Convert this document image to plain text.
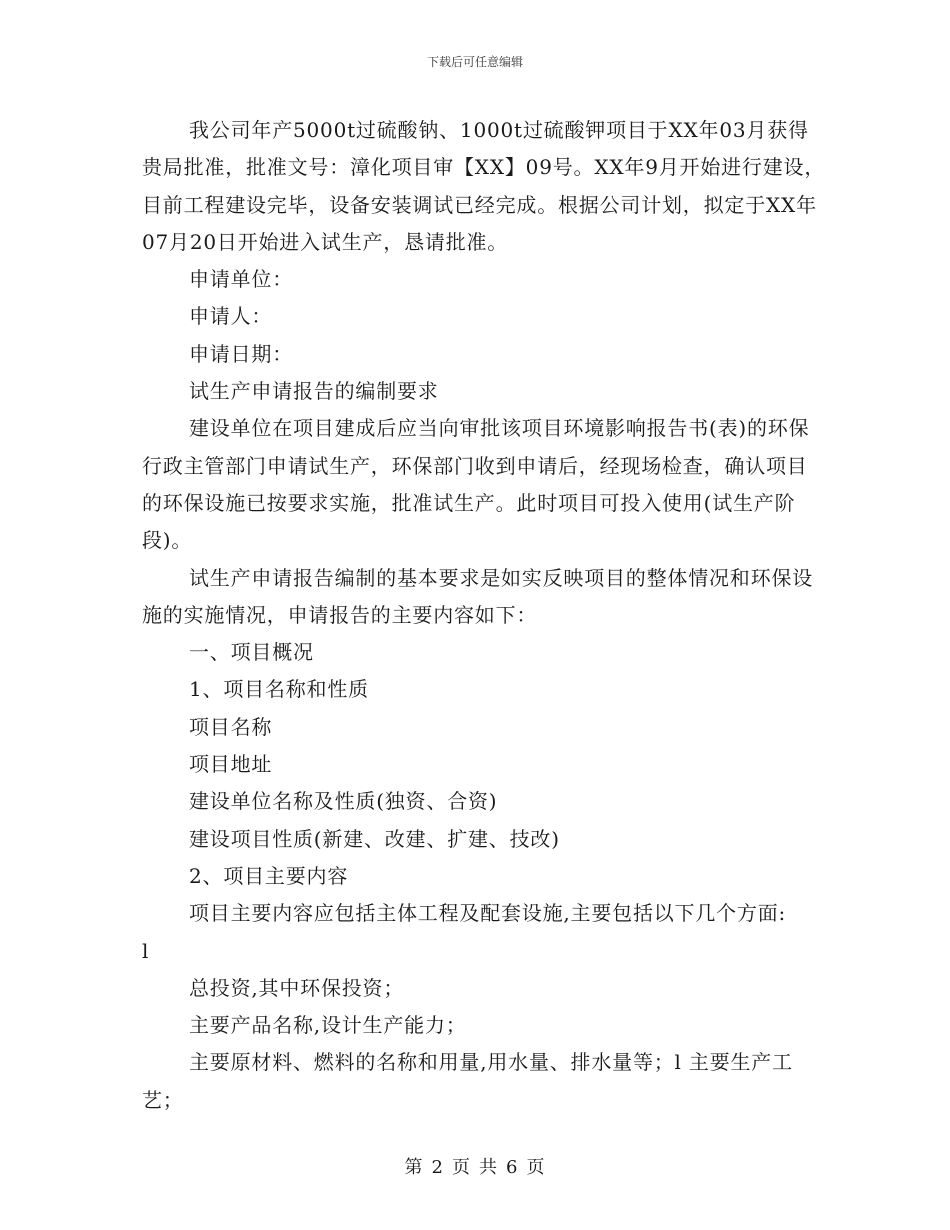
下载后可任意编辑

我公司年产5000t过硫酸钠、1000t过硫酸钾项目于XX年03月获得贵局批准，批准文号：漳化项目审【XX】09号。XX年9月开始进行建设，目前工程建设完毕，设备安装调试已经完成。根据公司计划，拟定于XX年07月20日开始进入试生产，恳请批准。

申请单位：

申请人：

申请日期：

试生产申请报告的编制要求

建设单位在项目建成后应当向审批该项目环境影响报告书(表)的环保行政主管部门申请试生产，环保部门收到申请后，经现场检查，确认项目的环保设施已按要求实施，批准试生产。此时项目可投入使用(试生产阶段)。

试生产申请报告编制的基本要求是如实反映项目的整体情况和环保设施的实施情况，申请报告的主要内容如下：

一、项目概况

1、项目名称和性质

项目名称

项目地址

建设单位名称及性质(独资、合资)

建设项目性质(新建、改建、扩建、技改)

2、项目主要内容

项目主要内容应包括主体工程及配套设施,主要包括以下几个方面:

l

总投资,其中环保投资；

主要产品名称,设计生产能力；

主要原材料、燃料的名称和用量,用水量、排水量等；l 主要生产工艺；

第 2 页 共 6 页
